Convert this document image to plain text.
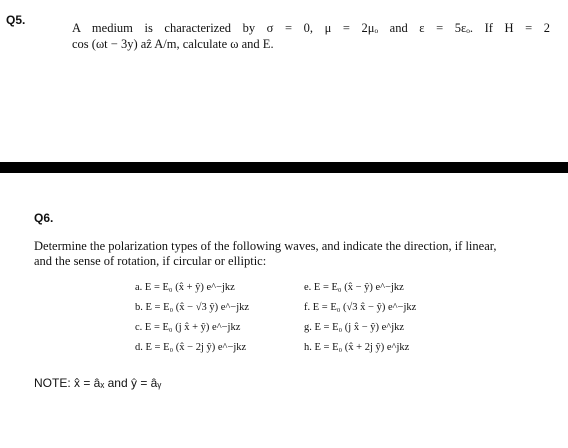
Q5.
A medium is characterized by σ = 0, μ = 2μₒ and ε = 5εₒ. If H = 2
cos (ωt − 3y) aẑ A/m, calculate ω and E.
Q6.
Determine the polarization types of the following waves, and indicate the direction, if linear,
and the sense of rotation, if circular or elliptic:
a. E = E₀ (x̂ + ŷ) e^−jkz
b. E = E₀ (x̂ − √3 ŷ) e^−jkz
c. E = E₀ (j x̂ + ŷ) e^−jkz
d. E = E₀ (x̂ − 2j ŷ) e^−jkz
e. E = E₀ (x̂ − ŷ) e^−jkz
f. E = E₀ (√3 x̂ − ŷ) e^−jkz
g. E = E₀ (j x̂ − ŷ) e^jkz
h. E = E₀ (x̂ + 2j ŷ) e^jkz
NOTE: x̂ = âₓ and ŷ = âᵧ
